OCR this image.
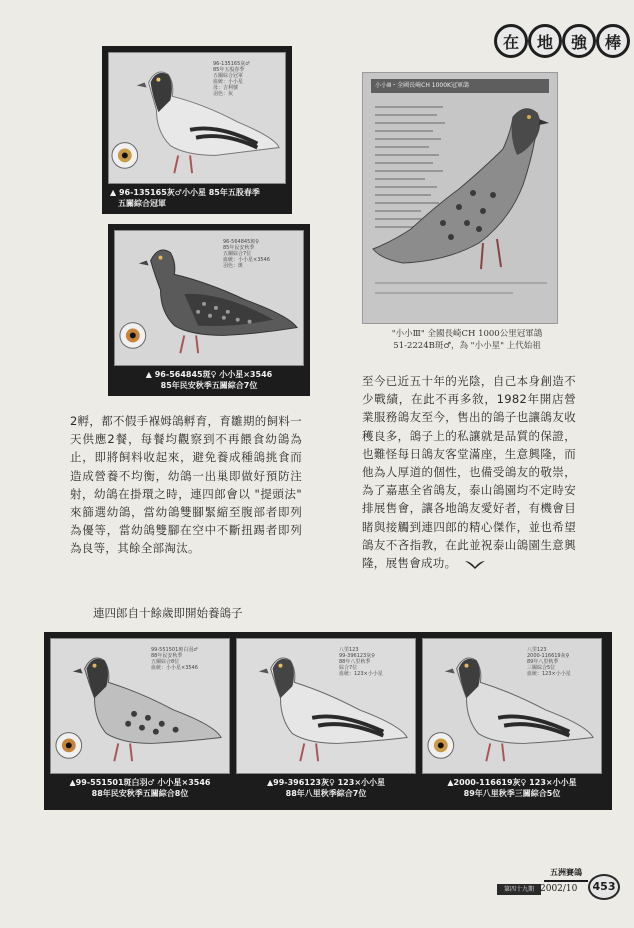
在	地	強	棒
96-135165灰♂
85年五股春季
五關綜合冠軍
血統：小小星
母：吉利號
羽色：灰
▲ 96-135165灰♂小小星 85年五股春季
五關綜合冠軍
96-564845斑♀
85年民安秋季
五關綜合7位
血統：小小星×3546
羽色：斑
▲ 96-564845斑♀ 小小星×3546
85年民安秋季五關綜合7位
小小Ⅲ・全國長崎CH 1000K冠軍鴿
"小小Ⅲ" 全國長崎CH 1000公里冠軍鴿
51-2224B斑♂，為 "小小星" 上代始祖
至今已近五十年的光陰，自己本身創造不少戰績，在此不再多敘，1982年開店營業服務鴿友至今，售出的鴿子也讓鴿友收穫良多，鴿子上的私讓就是品質的保證，也難怪每日鴿友客堂滿座，生意興隆，而他為人厚道的個性，也備受鴿友的敬崇，為了嘉惠全省鴿友，泰山鴿園均不定時安排展售會，讓各地鴿友愛好者，有機會目睹與接觸到連四郎的精心傑作，並也希望鴿友不吝指教，在此並祝泰山鴿園生意興隆，展售會成功。
2孵，都不假手褓姆鴿孵育，育雛期的飼料一天供應2餐，每餐均觀察到不再餵食幼鴿為止，即將飼料收起來，避免養成種鴿挑食而造成營養不均衡，幼鴿一出巢即做好預防注射，幼鴿在掛環之時，連四郎會以 "提頭法" 來篩選幼鴿，當幼鴿雙腳緊縮至腹部者即列為優等，當幼鴿雙腳在空中不斷扭踢者即列為良等，其餘全部淘汰。
連四郎自十餘歲即開始養鴿子
99-551501斑白羽♂
88年民安秋季
五關綜合8位
血統：小小星×3546
▲99-551501斑白羽♂ 小小星×3546
88年民安秋季五關綜合8位
八里123
99-396123灰♀
88年八里秋季
綜合7位
血統：123×小小星
▲99-396123灰♀ 123×小小星
88年八里秋季綜合7位
八里123
2000-116619灰♀
89年八里秋季
三關綜合5位
血統：123×小小星
▲2000-116619灰♀ 123×小小星
89年八里秋季三關綜合5位
五洲賽鴿
第四十九期 2002/10	453
